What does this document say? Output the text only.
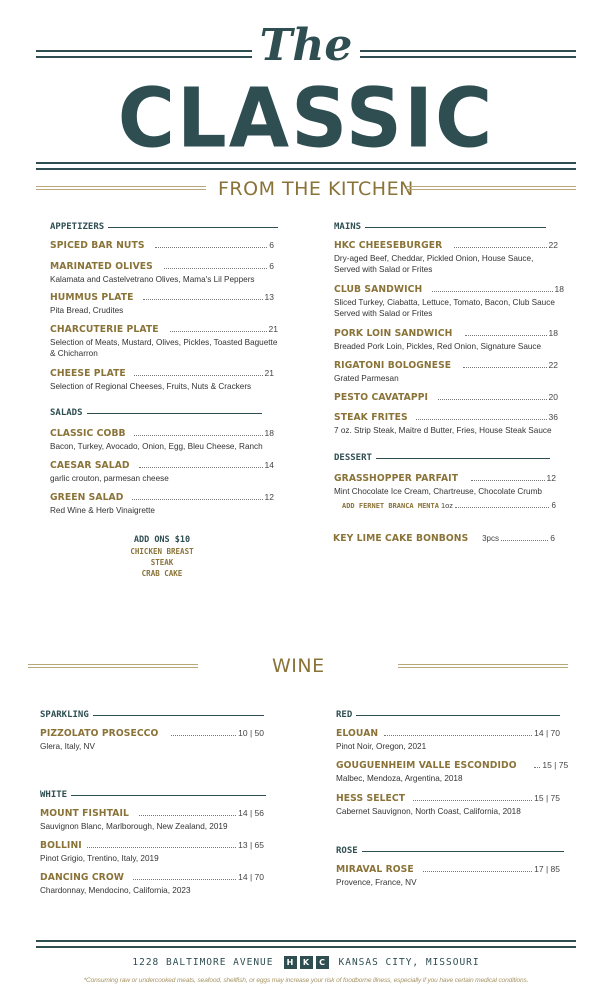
The
CLASSIC
FROM THE KITCHEN
APPETIZERS
SPICED BAR NUTS	6
MARINATED OLIVES	6
Kalamata and Castelvetrano Olives, Mama's Lil Peppers
HUMMUS PLATE	13
Pita Bread, Crudites
CHARCUTERIE PLATE	21
Selection of Meats, Mustard, Olives, Pickles, Toasted Baguette & Chicharron
CHEESE PLATE	21
Selection of Regional Cheeses, Fruits, Nuts & Crackers
SALADS
CLASSIC COBB	18
Bacon, Turkey, Avocado, Onion, Egg, Bleu Cheese, Ranch
CAESAR SALAD	14
garlic crouton, parmesan cheese
GREEN SALAD	12
Red Wine & Herb Vinaigrette
ADD ONS $10
CHICKEN BREAST
STEAK
CRAB CAKE
MAINS
HKC CHEESEBURGER	22
Dry-aged Beef, Cheddar, Pickled Onion, House Sauce, Served with Salad or Frites
CLUB SANDWICH	18
Sliced Turkey, Ciabatta, Lettuce, Tomato, Bacon, Club Sauce Served with Salad or Frites
PORK LOIN SANDWICH	18
Breaded Pork Loin, Pickles, Red Onion, Signature Sauce
RIGATONI BOLOGNESE	22
Grated Parmesan
PESTO CAVATAPPI	20
STEAK FRITES	36
7 oz. Strip Steak, Maitre d Butter, Fries, House Steak Sauce
DESSERT
GRASSHOPPER PARFAIT	12
Mint Chocolate Ice Cream, Chartreuse, Chocolate Crumb
ADD FERNET BRANCA MENTA 1oz	6
KEY LIME CAKE BONBONS 3pcs	6
WINE
SPARKLING
PIZZOLATO PROSECCO	10 | 50
Glera, Italy, NV
WHITE
MOUNT FISHTAIL	14 | 56
Sauvignon Blanc, Marlborough, New Zealand, 2019
BOLLINI	13 | 65
Pinot Grigio, Trentino, Italy, 2019
DANCING CROW	14 | 70
Chardonnay, Mendocino, California, 2023
RED
ELOUAN	14 | 70
Pinot Noir, Oregon, 2021
GOUGUENHEIM VALLE ESCONDIDO	15 | 75
Malbec, Mendoza, Argentina, 2018
HESS SELECT	15 | 75
Cabernet Sauvignon, North Coast, California, 2018
ROSE
MIRAVAL ROSE	17 | 85
Provence, France, NV
1228 BALTIMORE AVENUE	H	K	C	KANSAS CITY, MISSOURI
*Consuming raw or undercooked meats, seafood, shellfish, or eggs may increase your risk of foodborne illness, especially if you have certain medical conditions.
